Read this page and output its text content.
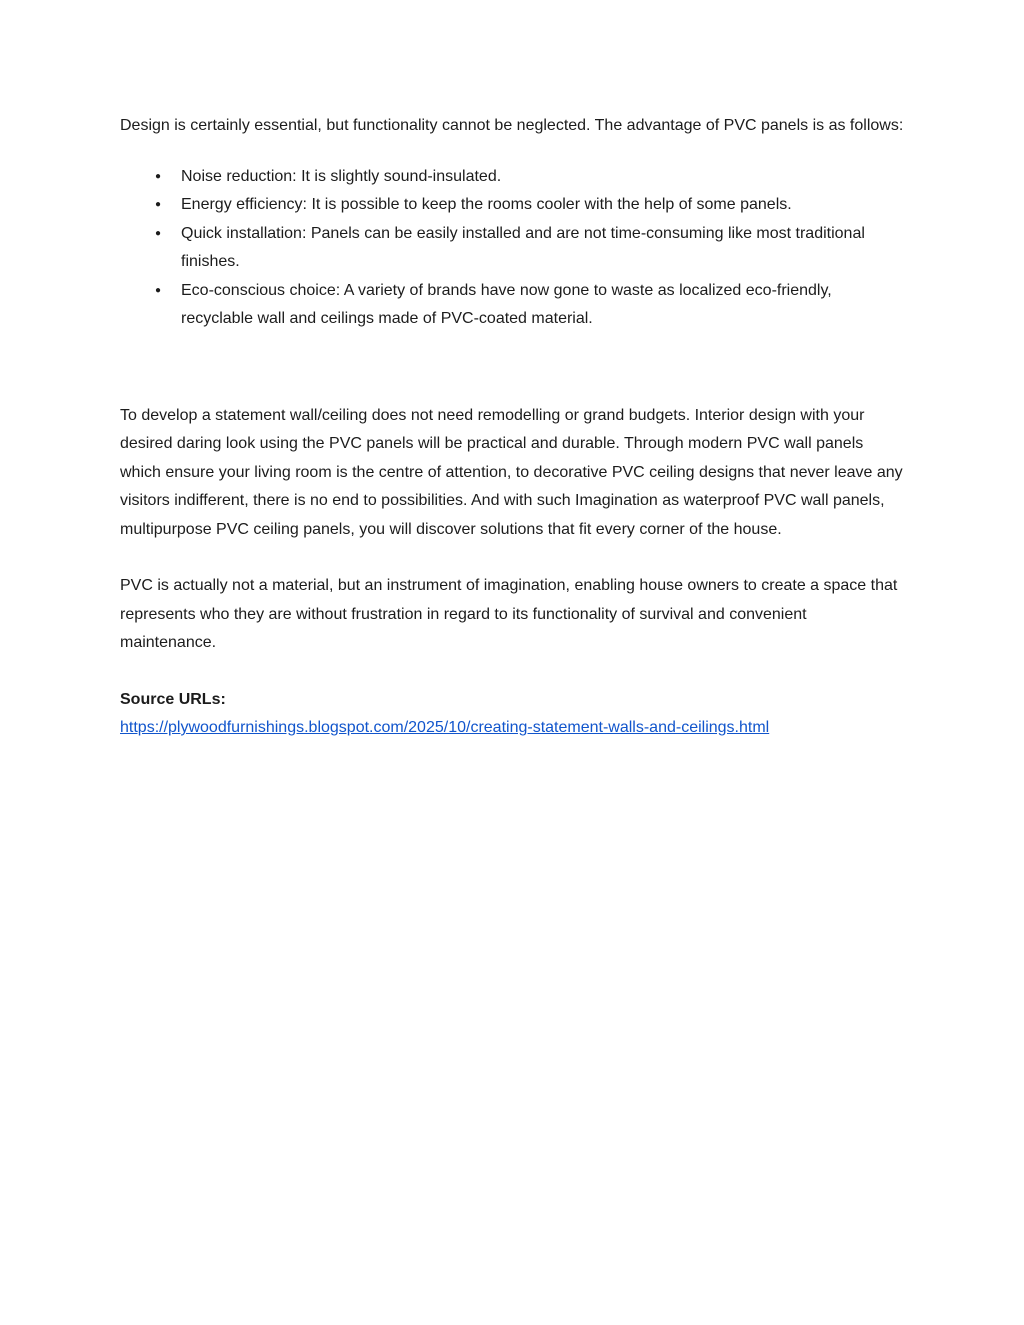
Design is certainly essential, but functionality cannot be neglected. The advantage of PVC panels is as follows:

● Noise reduction: It is slightly sound-insulated.
● Energy efficiency: It is possible to keep the rooms cooler with the help of some panels.
● Quick installation: Panels can be easily installed and are not time-consuming like most traditional finishes.
● Eco-conscious choice: A variety of brands have now gone to waste as localized eco-friendly, recyclable wall and ceilings made of PVC-coated material.

To develop a statement wall/ceiling does not need remodelling or grand budgets. Interior design with your desired daring look using the PVC panels will be practical and durable. Through modern PVC wall panels which ensure your living room is the centre of attention, to decorative PVC ceiling designs that never leave any visitors indifferent, there is no end to possibilities. And with such Imagination as waterproof PVC wall panels, multipurpose PVC ceiling panels, you will discover solutions that fit every corner of the house.

PVC is actually not a material, but an instrument of imagination, enabling house owners to create a space that represents who they are without frustration in regard to its functionality of survival and convenient maintenance.

Source URLs:

https://plywoodfurnishings.blogspot.com/2025/10/creating-statement-walls-and-ceilings.html
